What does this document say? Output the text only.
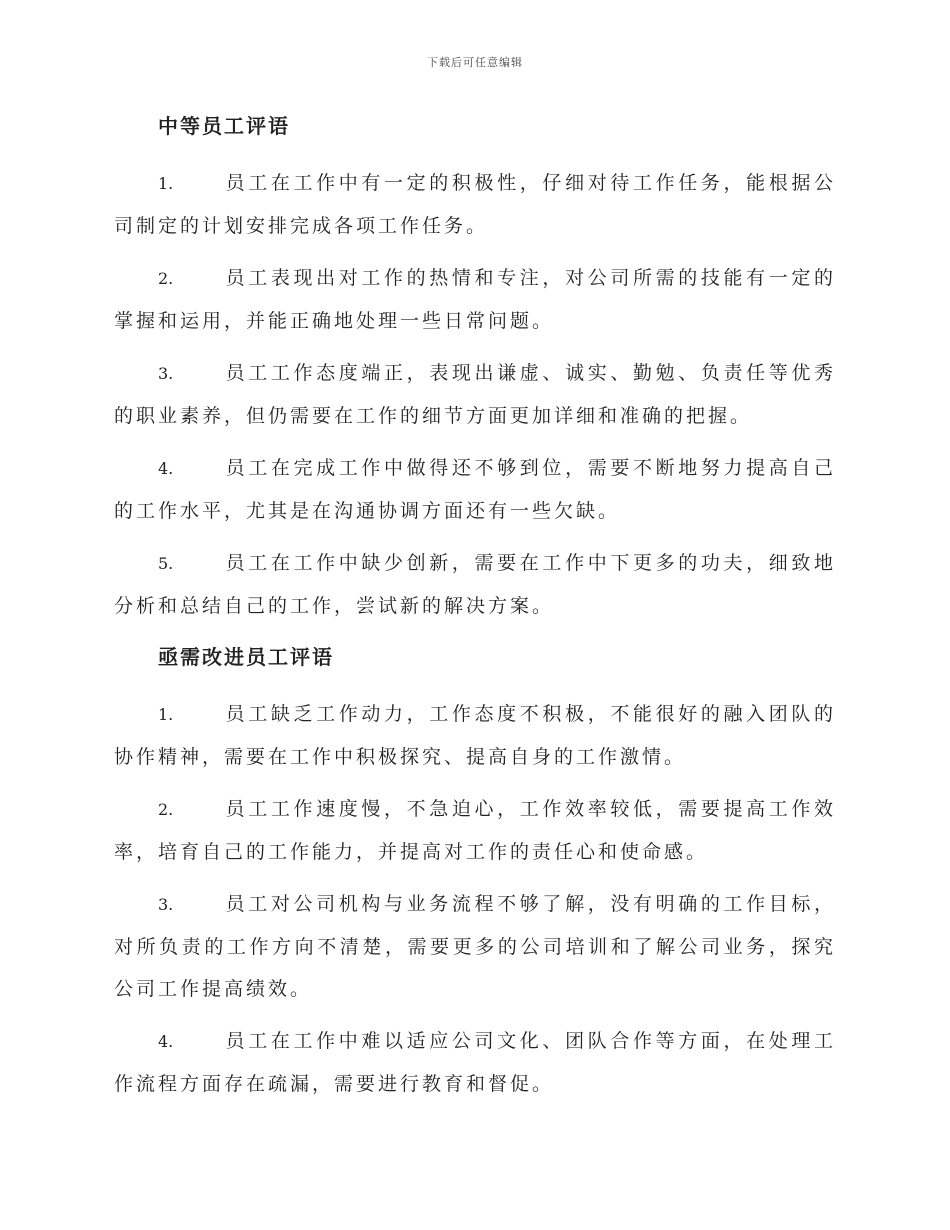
下载后可任意编辑
中等员工评语

1.	员工在工作中有一定的积极性，仔细对待工作任务，能根据公司制定的计划安排完成各项工作任务。

2.	员工表现出对工作的热情和专注，对公司所需的技能有一定的掌握和运用，并能正确地处理一些日常问题。

3.	员工工作态度端正，表现出谦虚、诚实、勤勉、负责任等优秀的职业素养，但仍需要在工作的细节方面更加详细和准确的把握。

4.	员工在完成工作中做得还不够到位，需要不断地努力提高自己的工作水平，尤其是在沟通协调方面还有一些欠缺。

5.	员工在工作中缺少创新，需要在工作中下更多的功夫，细致地分析和总结自己的工作，尝试新的解决方案。

亟需改进员工评语

1.	员工缺乏工作动力，工作态度不积极，不能很好的融入团队的协作精神，需要在工作中积极探究、提高自身的工作激情。

2.	员工工作速度慢，不急迫心，工作效率较低，需要提高工作效率，培育自己的工作能力，并提高对工作的责任心和使命感。

3.	员工对公司机构与业务流程不够了解，没有明确的工作目标，对所负责的工作方向不清楚，需要更多的公司培训和了解公司业务，探究公司工作提高绩效。

4.	员工在工作中难以适应公司文化、团队合作等方面，在处理工作流程方面存在疏漏，需要进行教育和督促。
